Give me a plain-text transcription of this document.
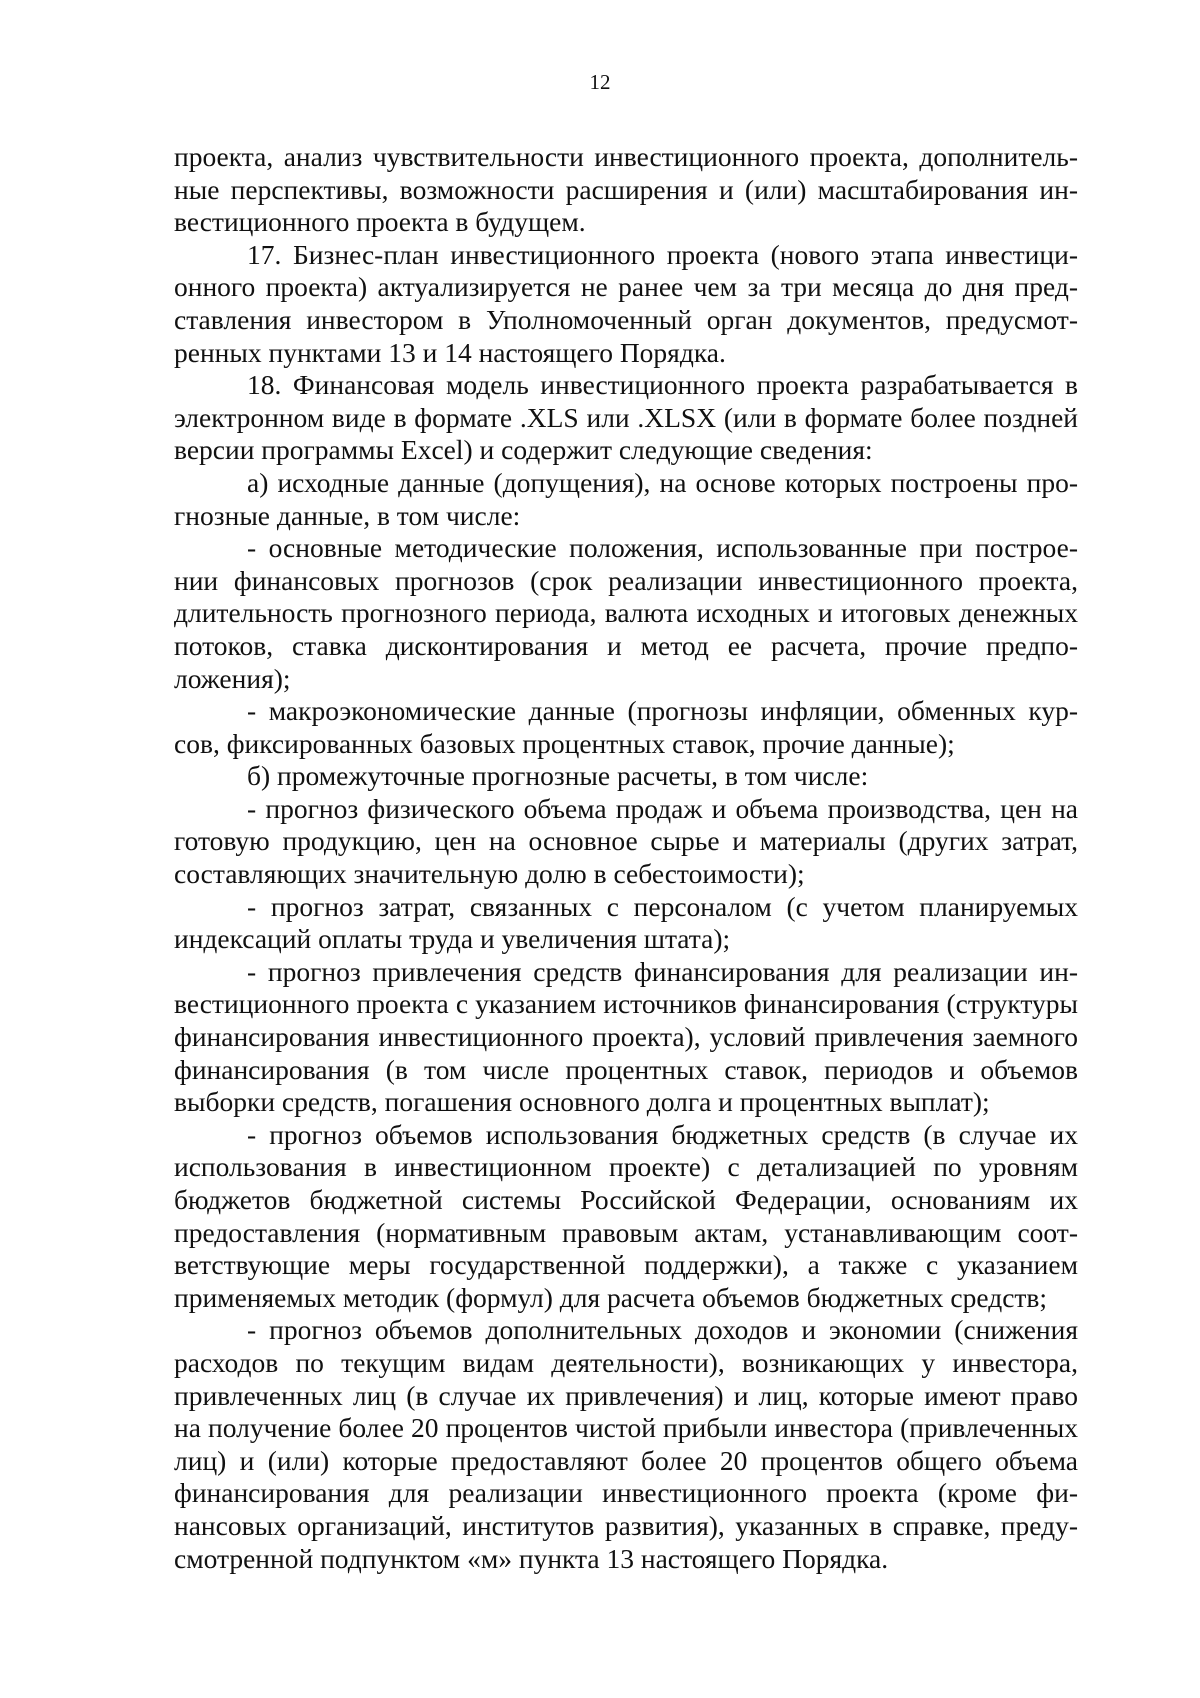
12

проекта, анализ чувствительности инвестиционного проекта, дополнительные перспективы, возможности расширения и (или) масштабирования инвестиционного проекта в будущем.

17. Бизнес-план инвестиционного проекта (нового этапа инвестиционного проекта) актуализируется не ранее чем за три месяца до дня представления инвестором в Уполномоченный орган документов, предусмотренных пунктами 13 и 14 настоящего Порядка.

18. Финансовая модель инвестиционного проекта разрабатывается в электронном виде в формате .XLS или .XLSX (или в формате более поздней версии программы Excel) и содержит следующие сведения:

а) исходные данные (допущения), на основе которых построены прогнозные данные, в том числе:

- основные методические положения, использованные при построении финансовых прогнозов (срок реализации инвестиционного проекта, длительность прогнозного периода, валюта исходных и итоговых денежных потоков, ставка дисконтирования и метод ее расчета, прочие предположения);

- макроэкономические данные (прогнозы инфляции, обменных курсов, фиксированных базовых процентных ставок, прочие данные);

б) промежуточные прогнозные расчеты, в том числе:

- прогноз физического объема продаж и объема производства, цен на готовую продукцию, цен на основное сырье и материалы (других затрат, составляющих значительную долю в себестоимости);

- прогноз затрат, связанных с персоналом (с учетом планируемых индексаций оплаты труда и увеличения штата);

- прогноз привлечения средств финансирования для реализации инвестиционного проекта с указанием источников финансирования (структуры финансирования инвестиционного проекта), условий привлечения заемного финансирования (в том числе процентных ставок, периодов и объемов выборки средств, погашения основного долга и процентных выплат);

- прогноз объемов использования бюджетных средств (в случае их использования в инвестиционном проекте) с детализацией по уровням бюджетов бюджетной системы Российской Федерации, основаниям их предоставления (нормативным правовым актам, устанавливающим соответствующие меры государственной поддержки), а также с указанием применяемых методик (формул) для расчета объемов бюджетных средств;

- прогноз объемов дополнительных доходов и экономии (снижения расходов по текущим видам деятельности), возникающих у инвестора, привлеченных лиц (в случае их привлечения) и лиц, которые имеют право на получение более 20 процентов чистой прибыли инвестора (привлеченных лиц) и (или) которые предоставляют более 20 процентов общего объема финансирования для реализации инвестиционного проекта (кроме финансовых организаций, институтов развития), указанных в справке, предусмотренной подпунктом «м» пункта 13 настоящего Порядка.
